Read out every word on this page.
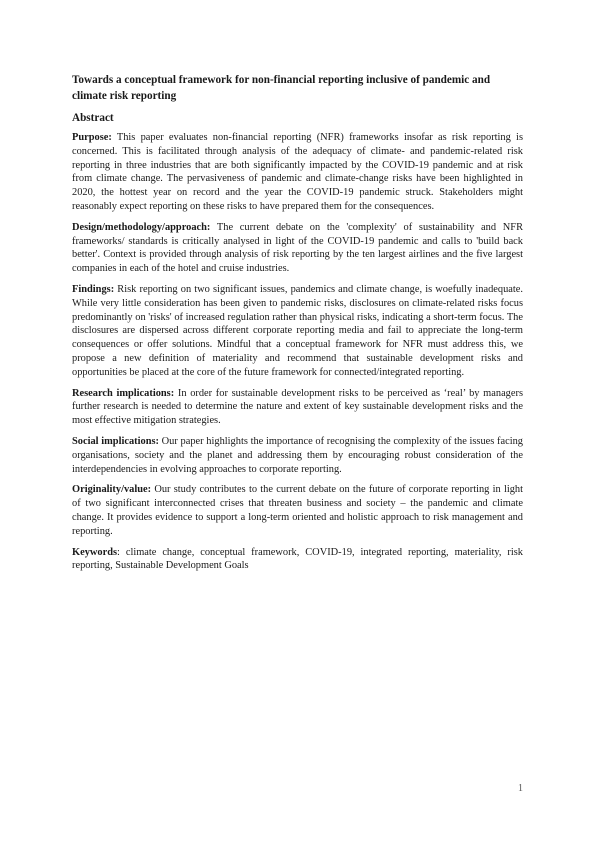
Towards a conceptual framework for non-financial reporting inclusive of pandemic and climate risk reporting

Abstract

Purpose: This paper evaluates non-financial reporting (NFR) frameworks insofar as risk reporting is concerned. This is facilitated through analysis of the adequacy of climate- and pandemic-related risk reporting in three industries that are both significantly impacted by the COVID-19 pandemic and at risk from climate change. The pervasiveness of pandemic and climate-change risks have been highlighted in 2020, the hottest year on record and the year the COVID-19 pandemic struck. Stakeholders might reasonably expect reporting on these risks to have prepared them for the consequences.

Design/methodology/approach: The current debate on the 'complexity' of sustainability and NFR frameworks/ standards is critically analysed in light of the COVID-19 pandemic and calls to 'build back better'. Context is provided through analysis of risk reporting by the ten largest airlines and the five largest companies in each of the hotel and cruise industries.

Findings: Risk reporting on two significant issues, pandemics and climate change, is woefully inadequate. While very little consideration has been given to pandemic risks, disclosures on climate-related risks focus predominantly on 'risks' of increased regulation rather than physical risks, indicating a short-term focus. The disclosures are dispersed across different corporate reporting media and fail to appreciate the long-term consequences or offer solutions. Mindful that a conceptual framework for NFR must address this, we propose a new definition of materiality and recommend that sustainable development risks and opportunities be placed at the core of the future framework for connected/integrated reporting.

Research implications: In order for sustainable development risks to be perceived as ‘real’ by managers further research is needed to determine the nature and extent of key sustainable development risks and the most effective mitigation strategies.

Social implications: Our paper highlights the importance of recognising the complexity of the issues facing organisations, society and the planet and addressing them by encouraging robust consideration of the interdependencies in evolving approaches to corporate reporting.

Originality/value: Our study contributes to the current debate on the future of corporate reporting in light of two significant interconnected crises that threaten business and society – the pandemic and climate change. It provides evidence to support a long-term oriented and holistic approach to risk management and reporting.

Keywords: climate change, conceptual framework, COVID-19, integrated reporting, materiality, risk reporting, Sustainable Development Goals

1
